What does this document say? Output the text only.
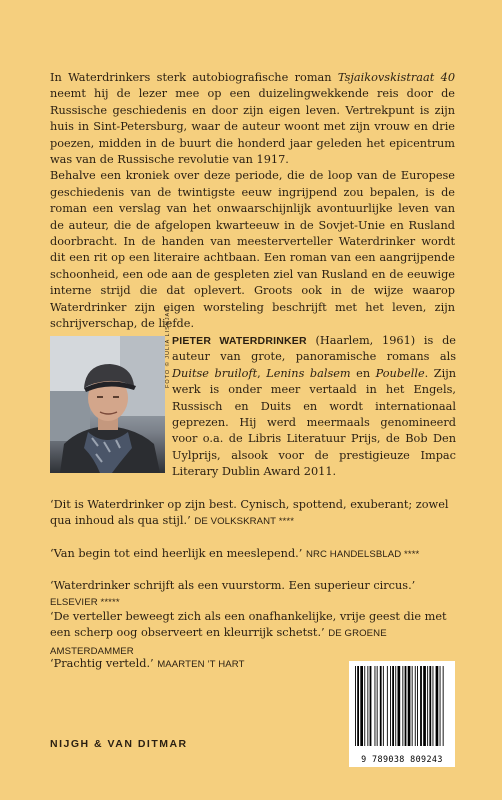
In Waterdrinkers sterk autobiografische roman Tsjaikovskistraat 40 neemt hij de lezer mee op een duizelingwekkende reis door de Russische geschiedenis en door zijn eigen leven. Vertrekpunt is zijn huis in Sint-Petersburg, waar de auteur woont met zijn vrouw en drie poezen, midden in de buurt die honderd jaar geleden het epicentrum was van de Russische revolutie van 1917.
Behalve een kroniek over deze periode, die de loop van de Europese geschiedenis van de twintigste eeuw ingrijpend zou bepalen, is de roman een verslag van het onwaarschijnlijk avontuurlijke leven van de auteur, die de afgelopen kwarteeuw in de Sovjet-Unie en Rusland doorbracht. In de handen van meesterverteller Waterdrinker wordt dit een rit op een literaire achtbaan. Een roman van een aangrijpende schoonheid, een ode aan de gespleten ziel van Rusland en de eeuwige interne strijd die dat oplevert. Groots ook in de wijze waarop Waterdrinker zijn eigen worsteling beschrijft met het leven, zijn schrijverschap, de liefde.

FOTO © JULIA LISNJAK PIETER WATERDRINKER (Haarlem, 1961) is de auteur van grote, panoramische romans als Duitse bruiloft, Lenins balsem en Poubelle. Zijn werk is onder meer vertaald in het Engels, Russisch en Duits en wordt internationaal geprezen. Hij werd meermaals genomineerd voor o.a. de Libris Literatuur Prijs, de Bob Den Uylprijs, alsook voor de prestigieuze Impac Literary Dublin Award 2011.

‘Dit is Waterdrinker op zijn best. Cynisch, spottend, exuberant; zowel qua inhoud als qua stijl.’ DE VOLKSKRANT ****

‘Van begin tot eind heerlijk en meeslepend.’ NRC HANDELSBLAD ****

‘Waterdrinker schrijft als een vuurstorm. Een superieur circus.’ ELSEVIER *****

‘De verteller beweegt zich als een onafhankelijke, vrije geest die met een scherp oog observeert en kleurrijk schetst.’ DE GROENE AMSTERDAMMER

‘Prachtig verteld.’ MAARTEN ’T HART

NIJGH & VAN DITMAR
9 789038 809243
